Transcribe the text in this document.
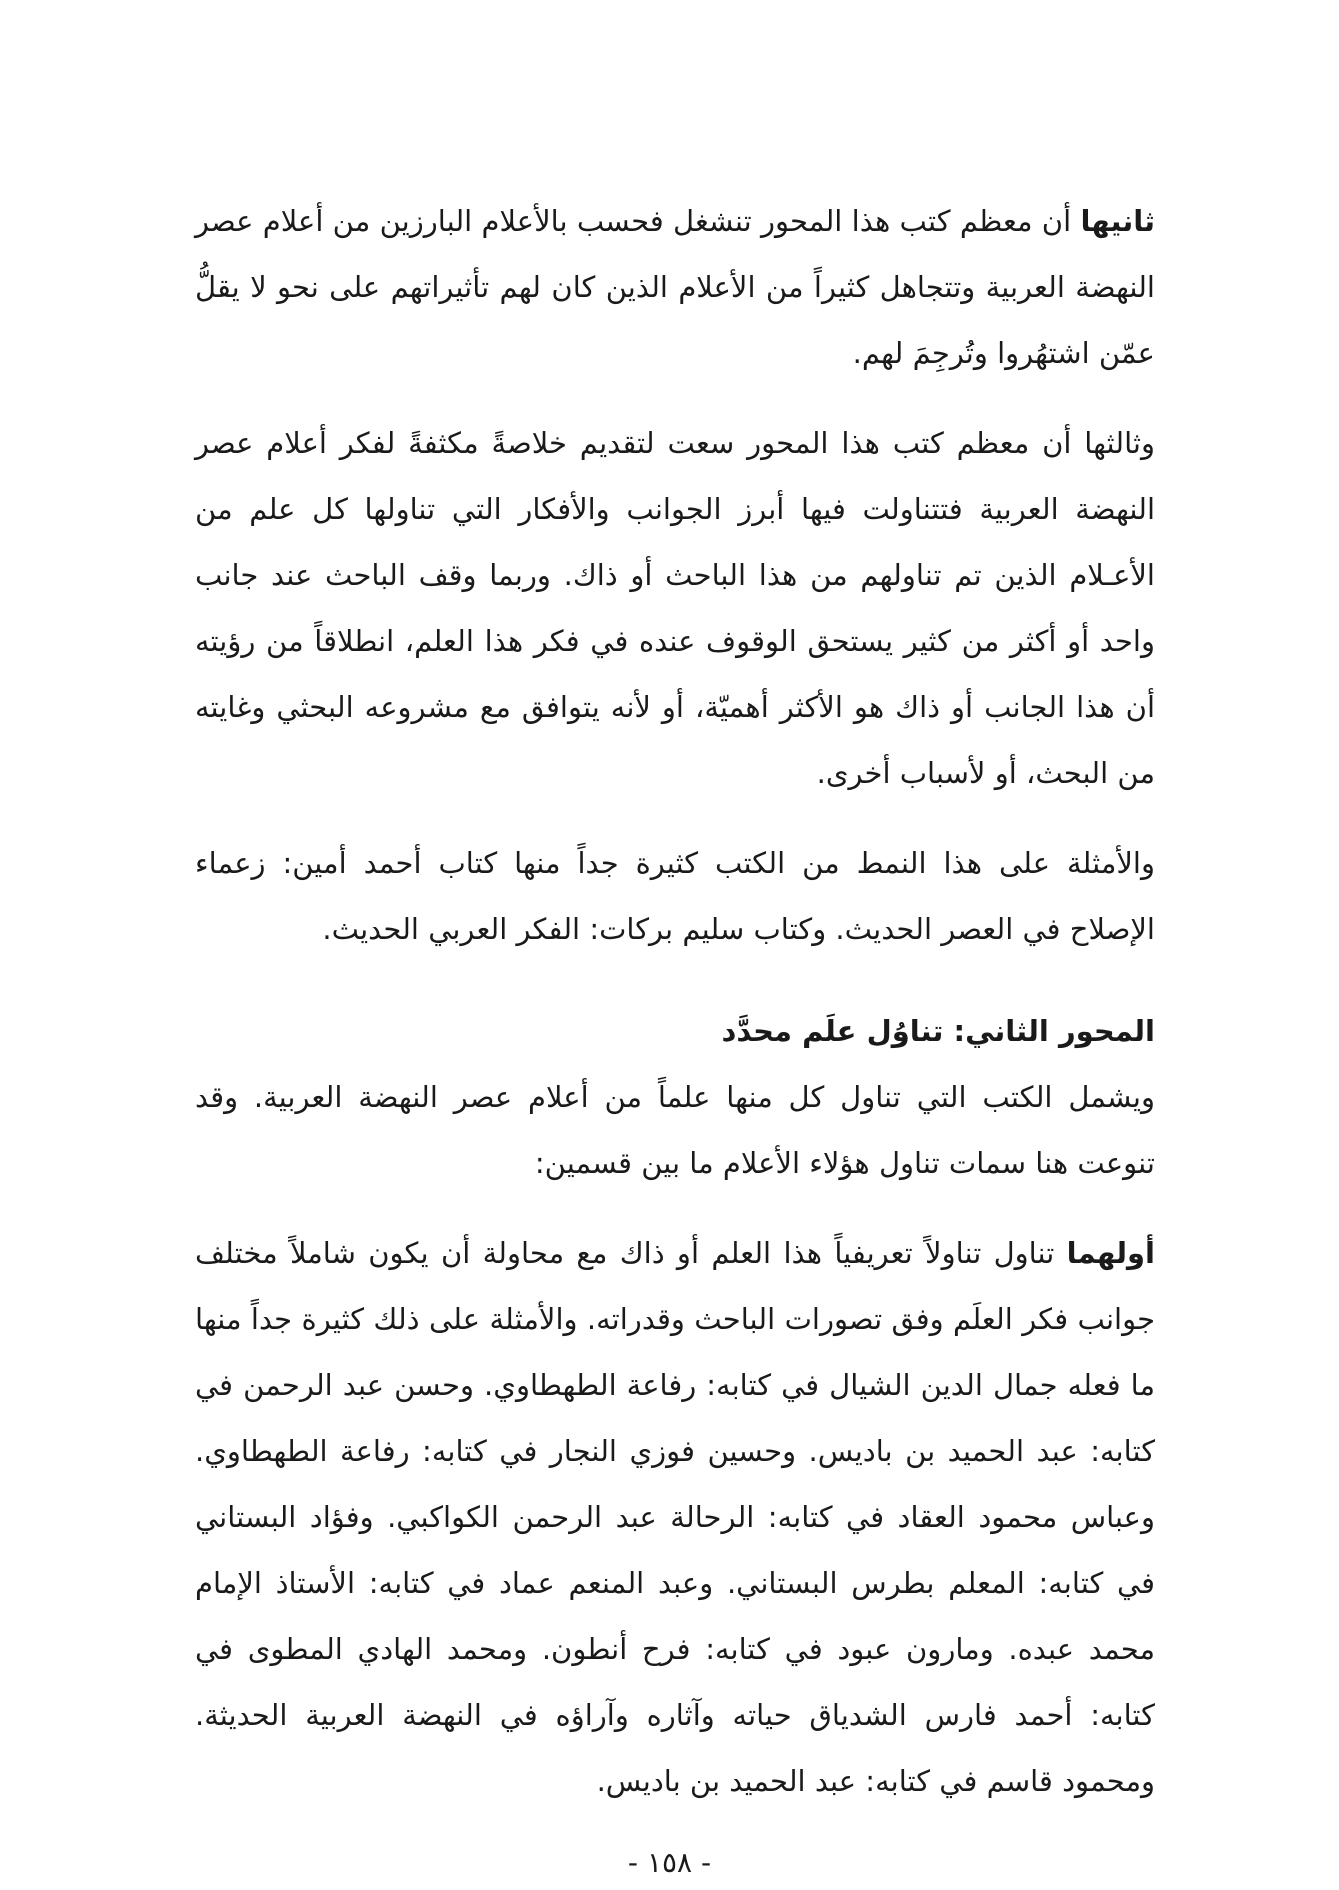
ثانيها أن معظم كتب هذا المحور تنشغل فحسب بالأعلام البارزين من أعلام عصر النهضة العربية وتتجاهل كثيراً من الأعلام الذين كان لهم تأثيراتهم على نحو لا يقلُّ عمّن اشتهُروا وتُرجِمَ لهم.

وثالثها أن معظم كتب هذا المحور سعت لتقديم خلاصةً مكثفةً لفكر أعلام عصر النهضة العربية فتتناولت فيها أبرز الجوانب والأفكار التي تناولها كل علم من الأعـلام الذين تم تناولهم من هذا الباحث أو ذاك. وربما وقف الباحث عند جانب واحد أو أكثر من كثير يستحق الوقوف عنده في فكر هذا العلم، انطلاقاً من رؤيته أن هذا الجانب أو ذاك هو الأكثر أهميّة، أو لأنه يتوافق مع مشروعه البحثي وغايته من البحث، أو لأسباب أخرى.

والأمثلة على هذا النمط من الكتب كثيرة جداً منها كتاب أحمد أمين: زعماء الإصلاح في العصر الحديث. وكتاب سليم بركات: الفكر العربي الحديث.

المحور الثاني: تناوُل علَم محدَّد

ويشمل الكتب التي تناول كل منها علماً من أعلام عصر النهضة العربية. وقد تنوعت هنا سمات تناول هؤلاء الأعلام ما بين قسمين:

أولهما تناول تناولاً تعريفياً هذا العلم أو ذاك مع محاولة أن يكون شاملاً مختلف جوانب فكر العلَم وفق تصورات الباحث وقدراته. والأمثلة على ذلك كثيرة جداً منها ما فعله جمال الدين الشيال في كتابه: رفاعة الطهطاوي. وحسن عبد الرحمن في كتابه: عبد الحميد بن باديس. وحسين فوزي النجار في كتابه: رفاعة الطهطاوي. وعباس محمود العقاد في كتابه: الرحالة عبد الرحمن الكواكبي. وفؤاد البستاني في كتابه: المعلم بطرس البستاني. وعبد المنعم عماد في كتابه: الأستاذ الإمام محمد عبده. ومارون عبود في كتابه: فرح أنطون. ومحمد الهادي المطوى في كتابه: أحمد فارس الشدياق حياته وآثاره وآراؤه في النهضة العربية الحديثة. ومحمود قاسم في كتابه: عبد الحميد بن باديس.

- ١٥٨ -
